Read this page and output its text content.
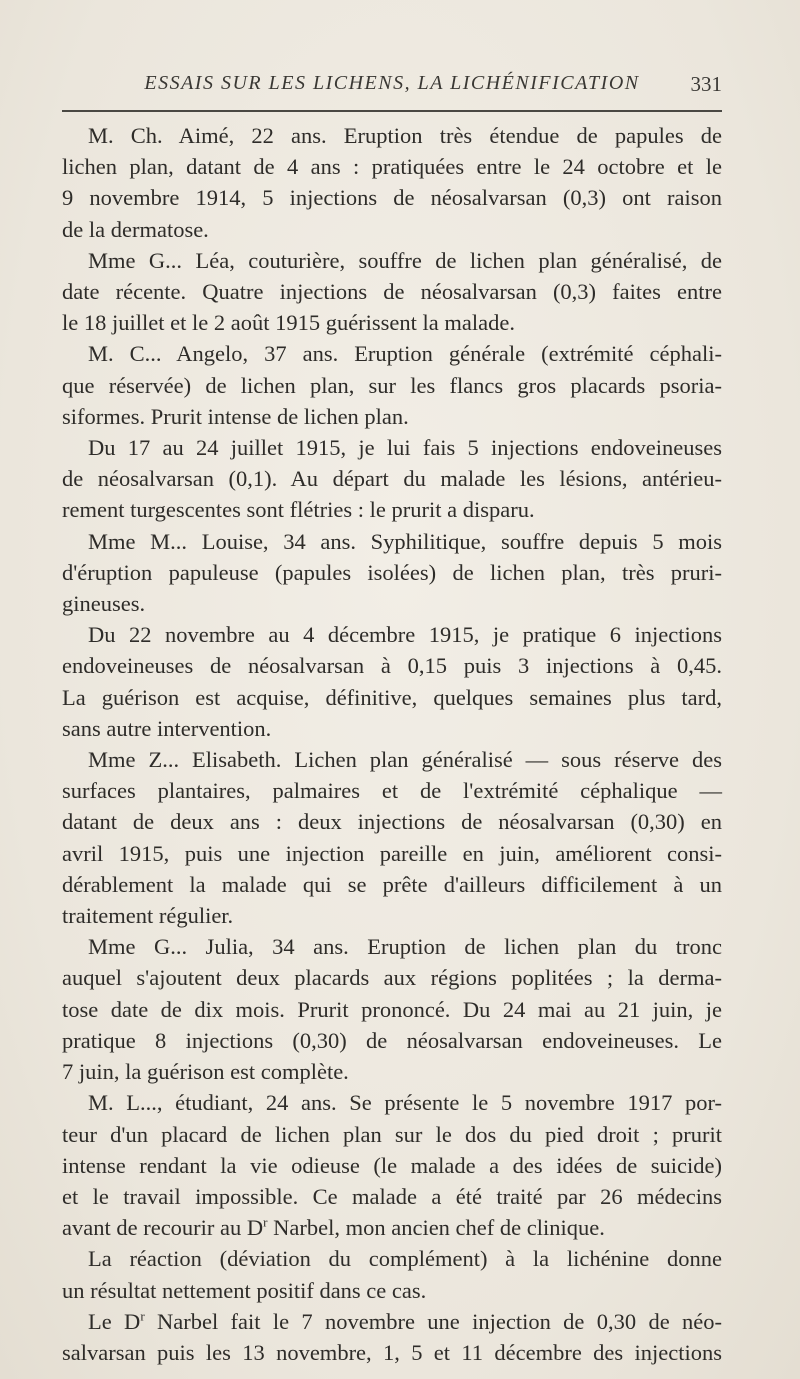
ESSAIS SUR LES LICHENS, LA LICHÉNIFICATION	331

M. Ch. Aimé, 22 ans. Eruption très étendue de papules de
lichen plan, datant de 4 ans : pratiquées entre le 24 octobre et le
9 novembre 1914, 5 injections de néosalvarsan (0,3) ont raison
de la dermatose.

Mme G... Léa, couturière, souffre de lichen plan généralisé, de
date récente. Quatre injections de néosalvarsan (0,3) faites entre
le 18 juillet et le 2 août 1915 guérissent la malade.

M. C... Angelo, 37 ans. Eruption générale (extrémité céphali-
que réservée) de lichen plan, sur les flancs gros placards psoria-
siformes. Prurit intense de lichen plan.

Du 17 au 24 juillet 1915, je lui fais 5 injections endoveineuses
de néosalvarsan (0,1). Au départ du malade les lésions, antérieu-
rement turgescentes sont flétries : le prurit a disparu.

Mme M... Louise, 34 ans. Syphilitique, souffre depuis 5 mois
d'éruption papuleuse (papules isolées) de lichen plan, très pruri-
gineuses.

Du 22 novembre au 4 décembre 1915, je pratique 6 injections
endoveineuses de néosalvarsan à 0,15 puis 3 injections à 0,45.
La guérison est acquise, définitive, quelques semaines plus tard,
sans autre intervention.

Mme Z... Elisabeth. Lichen plan généralisé — sous réserve des
surfaces plantaires, palmaires et de l'extrémité céphalique —
datant de deux ans : deux injections de néosalvarsan (0,30) en
avril 1915, puis une injection pareille en juin, améliorent consi-
dérablement la malade qui se prête d'ailleurs difficilement à un
traitement régulier.

Mme G... Julia, 34 ans. Eruption de lichen plan du tronc
auquel s'ajoutent deux placards aux régions poplitées ; la derma-
tose date de dix mois. Prurit prononcé. Du 24 mai au 21 juin, je
pratique 8 injections (0,30) de néosalvarsan endoveineuses. Le
7 juin, la guérison est complète.

M. L..., étudiant, 24 ans. Se présente le 5 novembre 1917 por-
teur d'un placard de lichen plan sur le dos du pied droit ; prurit
intense rendant la vie odieuse (le malade a des idées de suicide)
et le travail impossible. Ce malade a été traité par 26 médecins
avant de recourir au $D^r$ Narbel, mon ancien chef de clinique.

La réaction (déviation du complément) à la lichénine donne
un résultat nettement positif dans ce cas.

Le $D^r$ Narbel fait le 7 novembre une injection de 0,30 de néo-
salvarsan puis les 13 novembre, 1, 5 et 11 décembre des injections
